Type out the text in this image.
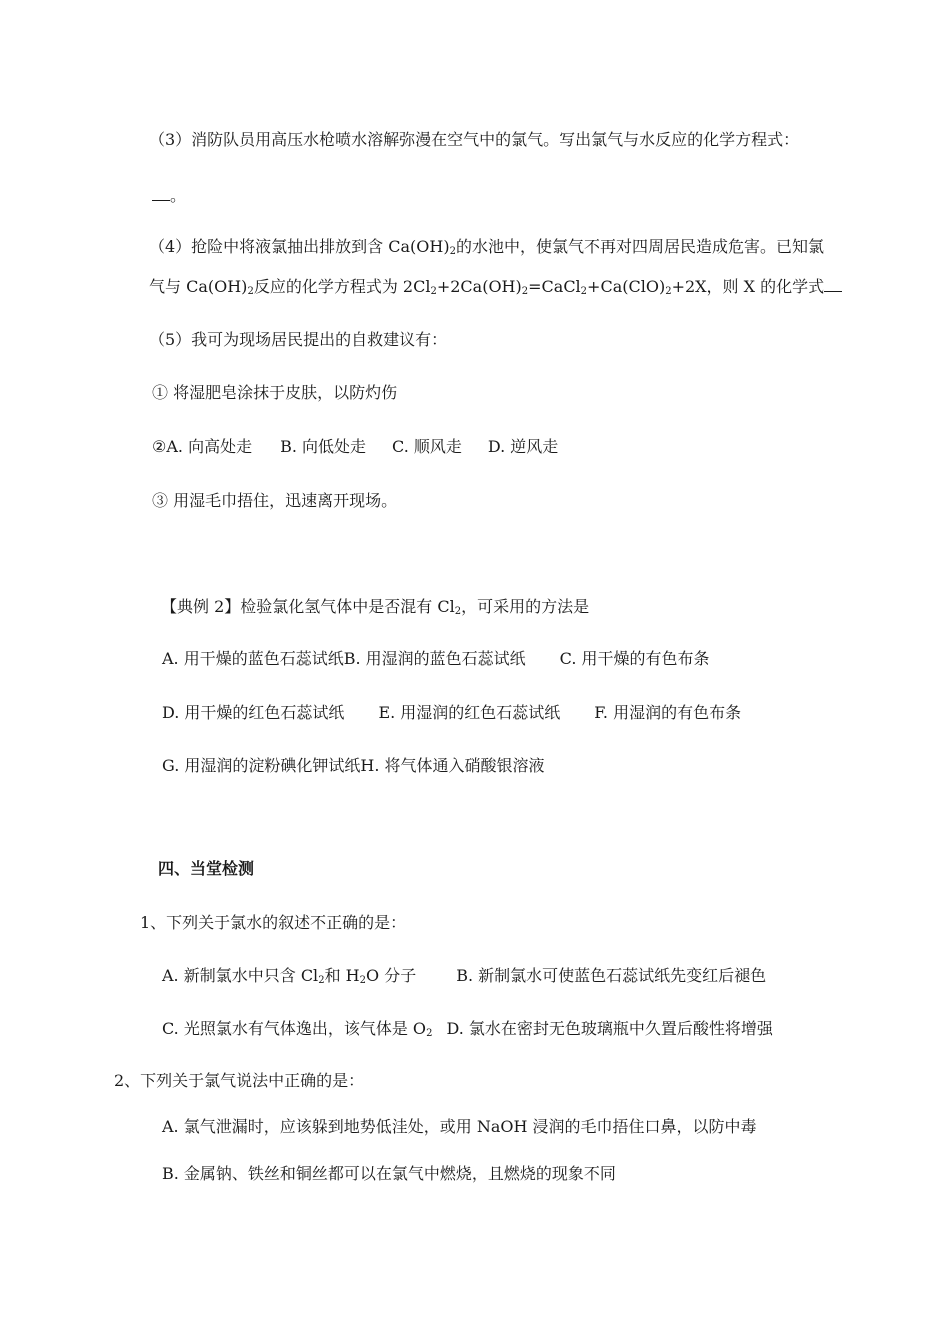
（3）消防队员用高压水枪喷水溶解弥漫在空气中的氯气。写出氯气与水反应的化学方程式：
。
（4）抢险中将液氯抽出排放到含 $Ca(OH)_2$的水池中，使氯气不再对四周居民造成危害。已知氯
气与 $Ca(OH)_2$反应的化学方程式为 $2Cl_2+2Ca(OH)_2=CaCl_2+Ca(ClO)_2+2X$，则 X 的化学式
（5）我可为现场居民提出的自救建议有：
① 将湿肥皂涂抹于皮肤，以防灼伤
②A. 向高处走 B. 向低处走 C. 顺风走 D. 逆风走
③ 用湿毛巾捂住，迅速离开现场。
【典例 2】检验氯化氢气体中是否混有 $Cl_2$，可采用的方法是
A. 用干燥的蓝色石蕊试纸B. 用湿润的蓝色石蕊试纸 C. 用干燥的有色布条
D. 用干燥的红色石蕊试纸 E. 用湿润的红色石蕊试纸 F. 用湿润的有色布条
G. 用湿润的淀粉碘化钾试纸H. 将气体通入硝酸银溶液
四、当堂检测
1、下列关于氯水的叙述不正确的是：
A. 新制氯水中只含 $Cl_2$和 $H_2O$ 分子	B. 新制氯水可使蓝色石蕊试纸先变红后褪色
C. 光照氯水有气体逸出，该气体是 $O_2$ D. 氯水在密封无色玻璃瓶中久置后酸性将增强
2、下列关于氯气说法中正确的是：
A. 氯气泄漏时，应该躲到地势低洼处，或用 NaOH 浸润的毛巾捂住口鼻，以防中毒
B. 金属钠、铁丝和铜丝都可以在氯气中燃烧，且燃烧的现象不同
